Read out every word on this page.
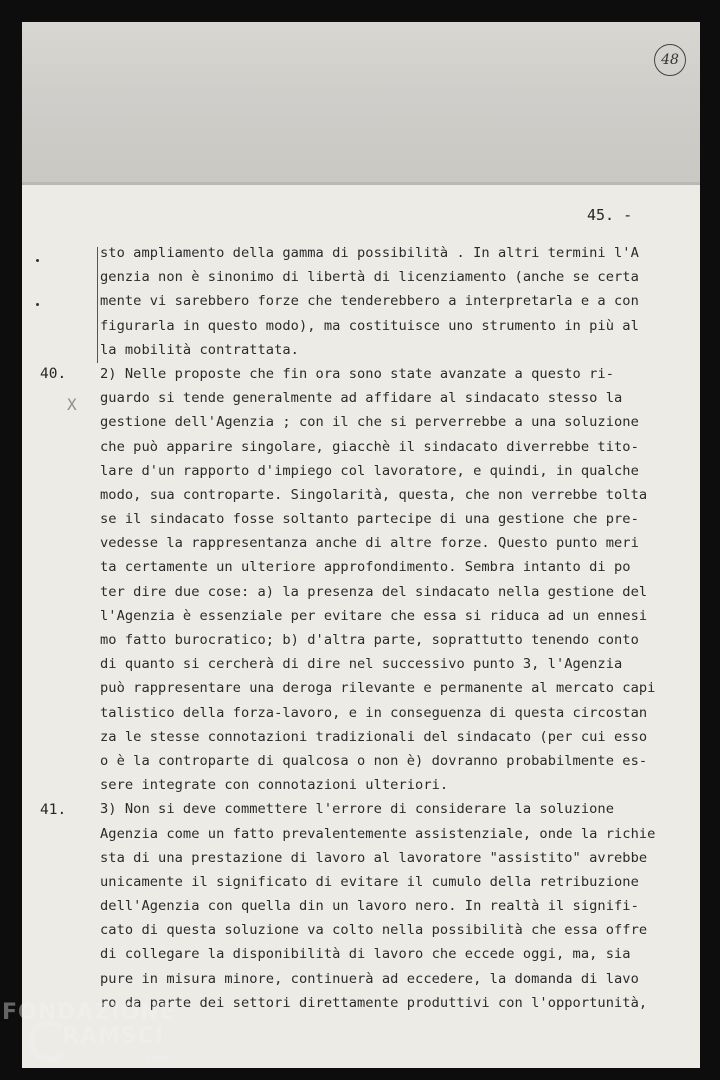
48
45. -
X
40.
41.
sto ampliamento della gamma di possibilità . In altri termini l'A
genzia non è sinonimo di libertà di licenziamento (anche se certa
mente vi sarebbero forze che tenderebbero a interpretarla e a con
figurarla in questo modo), ma costituisce uno strumento in più al
la mobilità contrattata.
2) Nelle proposte che fin ora sono state avanzate a questo ri-
guardo si tende generalmente ad affidare al sindacato stesso la
gestione dell'Agenzia ; con il che si perverrebbe a una soluzione
che può apparire singolare, giacchè il sindacato diverrebbe tito-
lare d'un rapporto d'impiego col lavoratore, e quindi, in qualche
modo, sua controparte. Singolarità, questa, che non verrebbe tolta
se il sindacato fosse soltanto partecipe di una gestione che pre-
vedesse la rappresentanza anche di altre forze. Questo punto meri
ta certamente un ulteriore approfondimento. Sembra intanto di po
ter dire due cose: a) la presenza del sindacato nella gestione del
l'Agenzia è essenziale per evitare che essa si riduca ad un ennesi
mo fatto burocratico; b) d'altra parte, soprattutto tenendo conto
di quanto si cercherà di dire nel successivo punto 3, l'Agenzia
può rappresentare una deroga rilevante e permanente al mercato capi
talistico della forza-lavoro, e in conseguenza di questa circostan
za le stesse connotazioni tradizionali del sindacato (per cui esso
o è la controparte di qualcosa o non è) dovranno probabilmente es-
sere integrate con connotazioni ulteriori.
3) Non si deve commettere l'errore di considerare la soluzione
Agenzia come un fatto prevalentemente assistenziale, onde la richie
sta di una prestazione di lavoro al lavoratore "assistito" avrebbe
unicamente il significato di evitare il cumulo della retribuzione
dell'Agenzia con quella din un lavoro nero. In realtà il signifi-
cato di questa soluzione va colto nella possibilità che essa offre
di collegare la disponibilità di lavoro che eccede oggi, ma, sia
pure in misura minore, continuerà ad eccedere, la domanda di lavo
ro da parte dei settori direttamente produttivi con l'opportunità,
FONDAZIONE
RAMSCI
onlus
